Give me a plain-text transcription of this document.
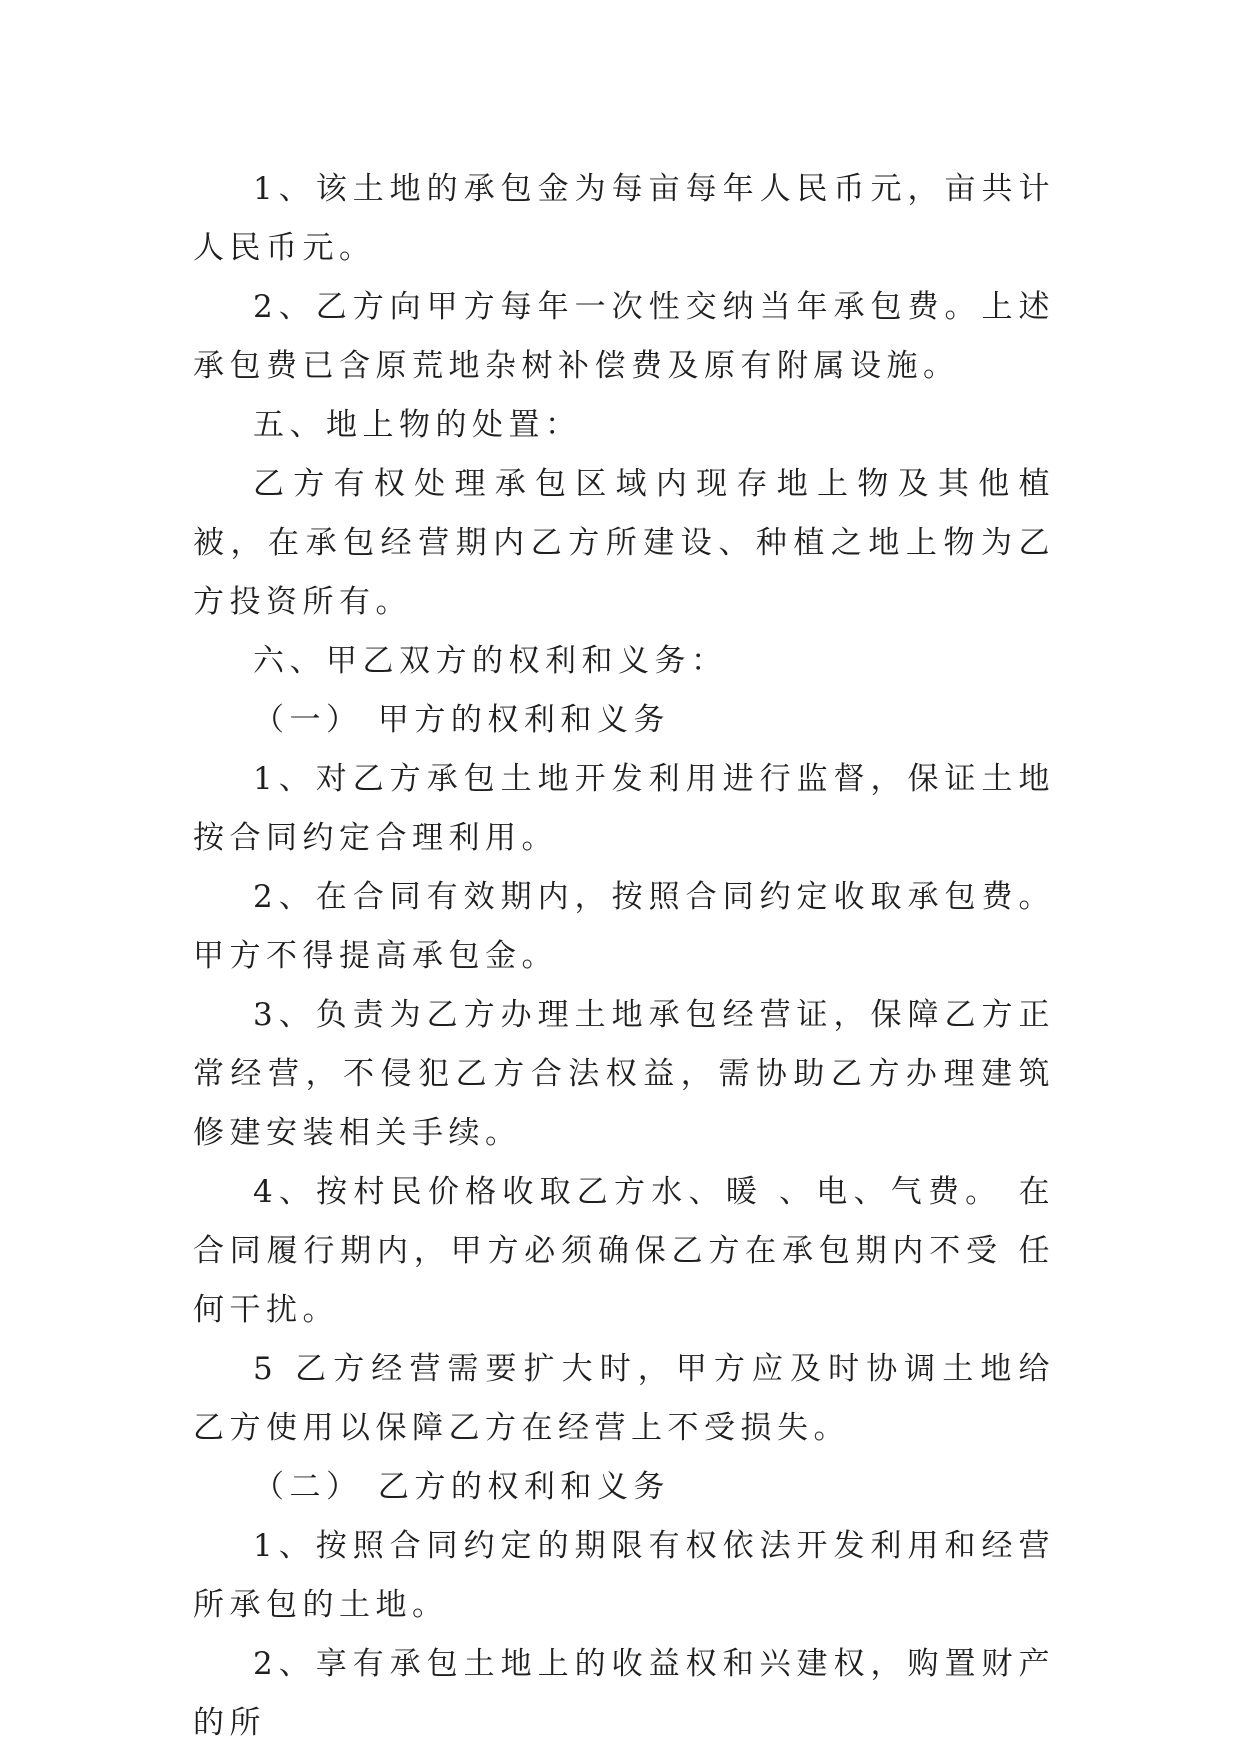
1、该土地的承包金为每亩每年人民币元，亩共计人民币元。

2、乙方向甲方每年一次性交纳当年承包费。上述承包费已含原荒地杂树补偿费及原有附属设施。

五、地上物的处置：

乙方有权处理承包区域内现存地上物及其他植被，在承包经营期内乙方所建设、种植之地上物为乙方投资所有。

六、甲乙双方的权利和义务：

（一） 甲方的权利和义务

1、对乙方承包土地开发利用进行监督，保证土地按合同约定合理利用。

2、在合同有效期内，按照合同约定收取承包费。甲方不得提高承包金。

3、负责为乙方办理土地承包经营证，保障乙方正常经营，不侵犯乙方合法权益，需协助乙方办理建筑修建安装相关手续。

4、按村民价格收取乙方水、暖 、电、气费。 在合同履行期内，甲方必须确保乙方在承包期内不受 任何干扰。

5 乙方经营需要扩大时，甲方应及时协调土地给乙方使用以保障乙方在经营上不受损失。

（二） 乙方的权利和义务

1、按照合同约定的期限有权依法开发利用和经营所承包的土地。

2、享有承包土地上的收益权和兴建权，购置财产的所
